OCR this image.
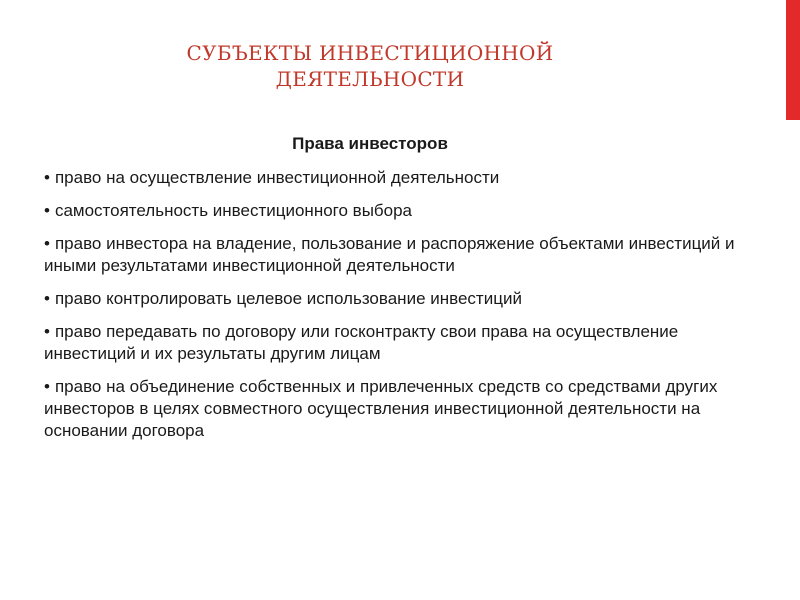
СУБЪЕКТЫ ИНВЕСТИЦИОННОЙ
ДЕЯТЕЛЬНОСТИ
Права инвесторов
• право на осуществление инвестиционной деятельности
• самостоятельность инвестиционного выбора
• право инвестора на владение, пользование и распоряжение объектами инвестиций и иными результатами инвестиционной деятельности
• право контролировать целевое использование инвестиций
• право передавать по договору или госконтракту свои права на осуществление инвестиций и их результаты другим лицам
• право на объединение собственных и привлеченных средств со средствами других инвесторов в целях совместного осуществления инвестиционной деятельности на основании договора
